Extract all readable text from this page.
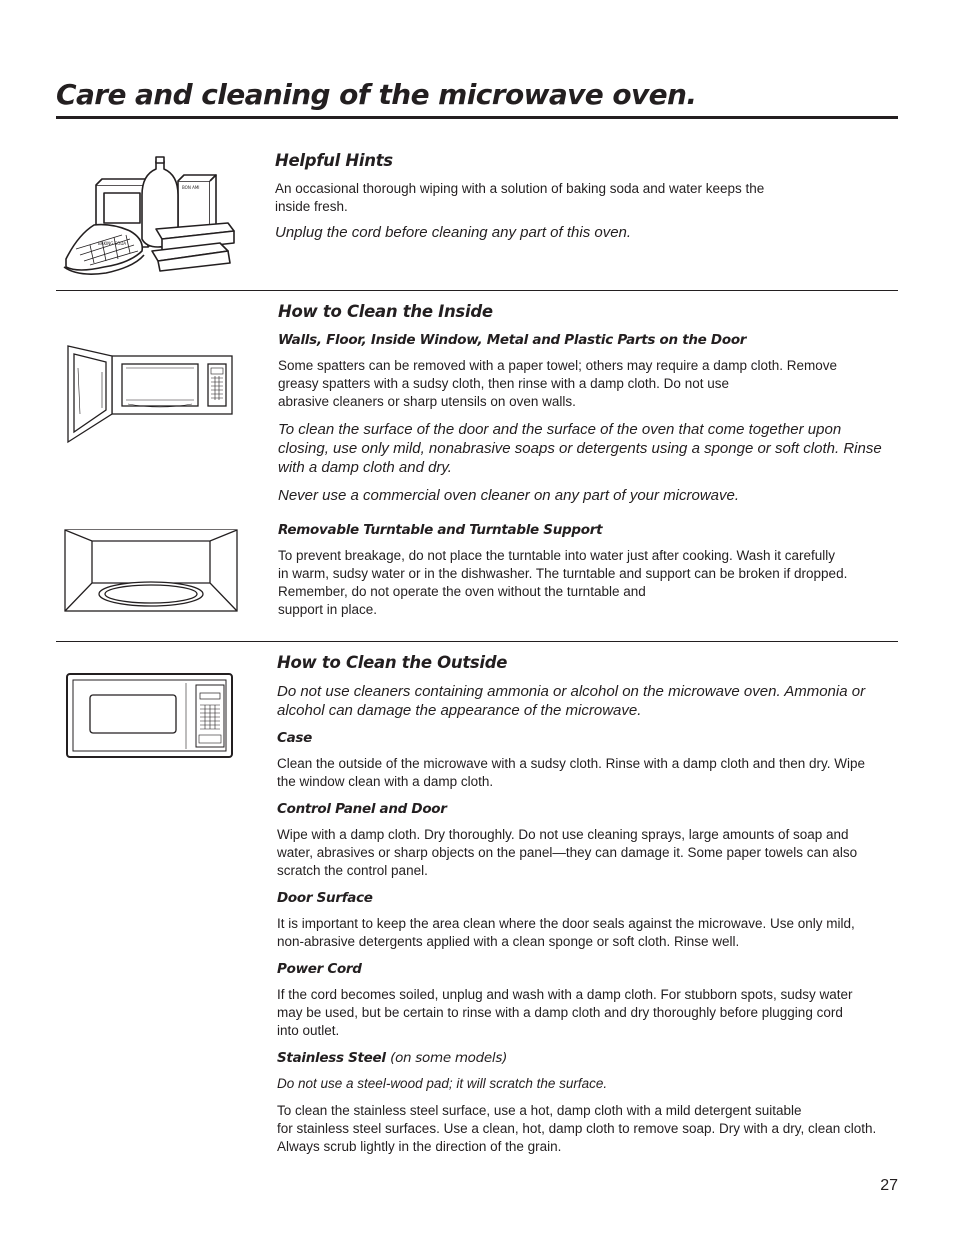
Care and cleaning of the microwave oven.
BAKING SODA
BON AMI
Helpful Hints
An occasional thorough wiping with a solution of baking soda and water keeps the
inside fresh.
Unplug the cord before cleaning any part of this oven.
How to Clean the Inside
Walls, Floor, Inside Window, Metal and Plastic Parts on the Door
Some spatters can be removed with a paper towel; others may require a damp cloth. Remove
greasy spatters with a sudsy cloth, then rinse with a damp cloth. Do not use
abrasive cleaners or sharp utensils on oven walls.
To clean the surface of the door and the surface of the oven that come together upon
closing, use only mild, nonabrasive soaps or detergents using a sponge or soft cloth. Rinse
with a damp cloth and dry.
Never use a commercial oven cleaner on any part of your microwave.
Removable Turntable and Turntable Support
To prevent breakage, do not place the turntable into water just after cooking. Wash it carefully
in warm, sudsy water or in the dishwasher. The turntable and support can be broken if dropped.
Remember, do not operate the oven without the turntable and
support in place.
How to Clean the Outside
Do not use cleaners containing ammonia or alcohol on the microwave oven. Ammonia or
alcohol can damage the appearance of the microwave.
Case
Clean the outside of the microwave with a sudsy cloth. Rinse with a damp cloth and then dry. Wipe
the window clean with a damp cloth.
Control Panel and Door
Wipe with a damp cloth. Dry thoroughly. Do not use cleaning sprays, large amounts of soap and
water, abrasives or sharp objects on the panel—they can damage it. Some paper towels can also
scratch the control panel.
Door Surface
It is important to keep the area clean where the door seals against the microwave. Use only mild,
non-abrasive detergents applied with a clean sponge or soft cloth. Rinse well.
Power Cord
If the cord becomes soiled, unplug and wash with a damp cloth. For stubborn spots, sudsy water
may be used, but be certain to rinse with a damp cloth and dry thoroughly before plugging cord
into outlet.
Stainless Steel (on some models)
Do not use a steel-wood pad; it will scratch the surface.
To clean the stainless steel surface, use a hot, damp cloth with a mild detergent suitable
for stainless steel surfaces. Use a clean, hot, damp cloth to remove soap. Dry with a dry, clean cloth.
Always scrub lightly in the direction of the grain.
27
